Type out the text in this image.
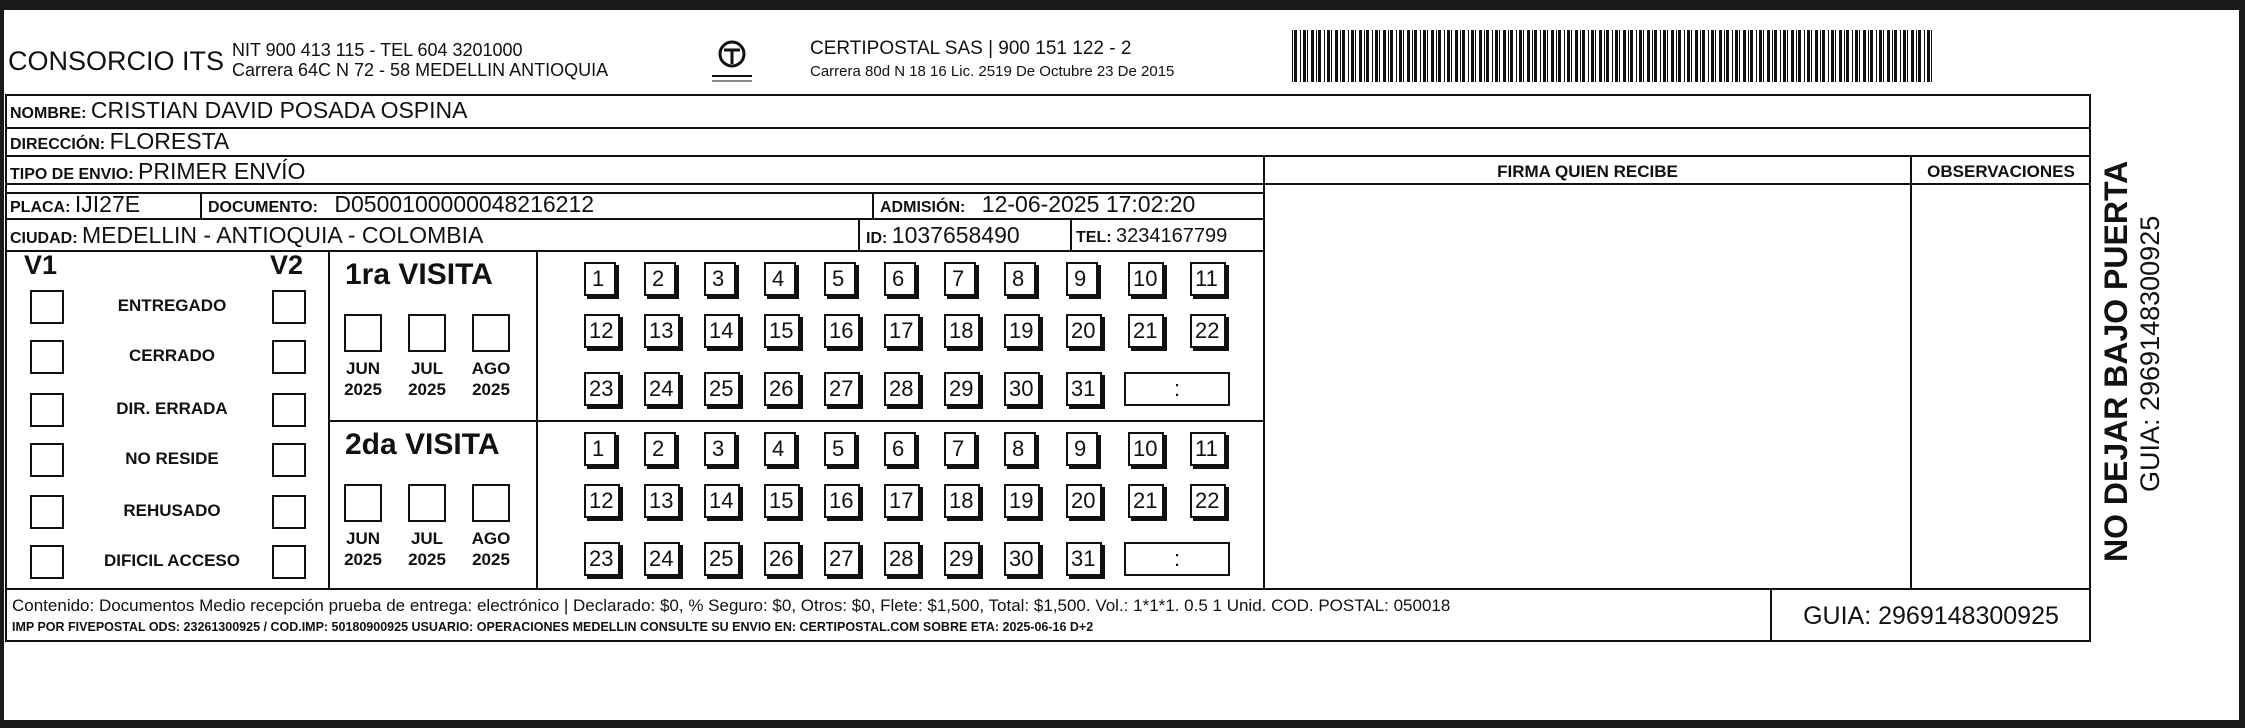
CONSORCIO ITS NIT 900 413 115 - TEL 604 3201000
Carrera 64C N 72 - 58 MEDELLIN ANTIOQUIA
CERTIPOSTAL SAS | 900 151 122 - 2
Carrera 80d N 18 16 Lic. 2519 De Octubre 23 De 2015
NOMBRE: CRISTIAN DAVID POSADA OSPINA
DIRECCIÓN: FLORESTA
TIPO DE ENVIO: PRIMER ENVÍO
PLACA: IJI27E	DOCUMENTO: D0500100000048216212	ADMISIÓN: 12-06-2025 17:02:20
CIUDAD: MEDELLIN - ANTIOQUIA - COLOMBIA	ID: 1037658490	TEL: 3234167799
FIRMA QUIEN RECIBE	OBSERVACIONES
V1	V2
ENTREGADO
CERRADO
DIR. ERRADA
NO RESIDE
REHUSADO
DIFICIL ACCESO
1ra VISITA
JUN
2025
JUL
2025
AGO
2025
1	2	3	4	5	6	7	8	9	10 11
12 13 14 15 16 17 18 19 20 21 22
23 24 25 26 27 28 29 30 31	:
2da VISITA
JUN
2025
JUL
2025
AGO
2025
1	2	3	4	5	6	7	8	9	10 11
12 13 14 15 16 17 18 19 20 21 22
23 24 25 26 27 28 29 30 31	:
Contenido: Documentos Medio recepción prueba de entrega: electrónico | Declarado: $0, % Seguro: $0, Otros: $0, Flete: $1,500, Total: $1,500. Vol.: 1*1*1. 0.5 1 Unid. COD. POSTAL: 050018
IMP POR FIVEPOSTAL ODS: 23261300925 / COD.IMP: 50180900925 USUARIO: OPERACIONES MEDELLIN CONSULTE SU ENVIO EN: CERTIPOSTAL.COM SOBRE ETA: 2025-06-16 D+2	GUIA: 2969148300925
NO DEJAR BAJO PUERTA GUIA: 2969148300925
